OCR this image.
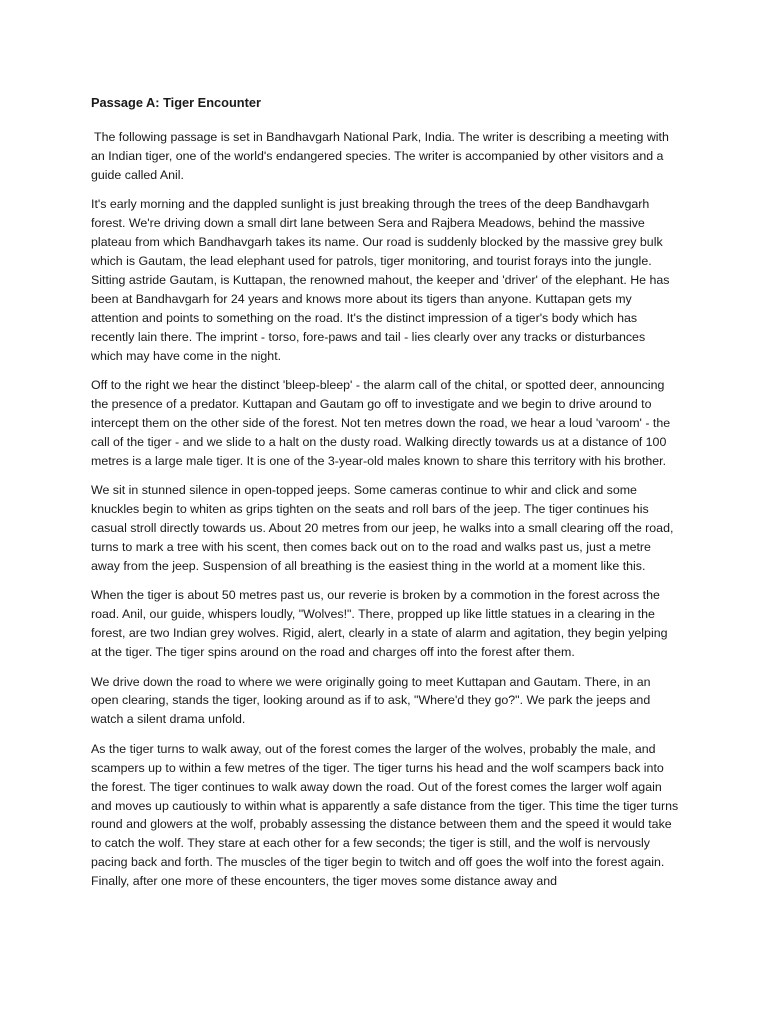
Passage A: Tiger Encounter

The following passage is set in Bandhavgarh National Park, India. The writer is describing a meeting with an Indian tiger, one of the world's endangered species. The writer is accompanied by other visitors and a guide called Anil.

It's early morning and the dappled sunlight is just breaking through the trees of the deep Bandhavgarh forest. We're driving down a small dirt lane between Sera and Rajbera Meadows, behind the massive plateau from which Bandhavgarh takes its name. Our road is suddenly blocked by the massive grey bulk which is Gautam, the lead elephant used for patrols, tiger monitoring, and tourist forays into the jungle. Sitting astride Gautam, is Kuttapan, the renowned mahout, the keeper and 'driver' of the elephant. He has been at Bandhavgarh for 24 years and knows more about its tigers than anyone. Kuttapan gets my attention and points to something on the road. It's the distinct impression of a tiger's body which has recently lain there. The imprint - torso, fore-paws and tail - lies clearly over any tracks or disturbances which may have come in the night.

Off to the right we hear the distinct 'bleep-bleep' - the alarm call of the chital, or spotted deer, announcing the presence of a predator. Kuttapan and Gautam go off to investigate and we begin to drive around to intercept them on the other side of the forest. Not ten metres down the road, we hear a loud 'varoom' - the call of the tiger - and we slide to a halt on the dusty road. Walking directly towards us at a distance of 100 metres is a large male tiger. It is one of the 3-year-old males known to share this territory with his brother.

We sit in stunned silence in open-topped jeeps. Some cameras continue to whir and click and some knuckles begin to whiten as grips tighten on the seats and roll bars of the jeep. The tiger continues his casual stroll directly towards us. About 20 metres from our jeep, he walks into a small clearing off the road, turns to mark a tree with his scent, then comes back out on to the road and walks past us, just a metre away from the jeep. Suspension of all breathing is the easiest thing in the world at a moment like this.

When the tiger is about 50 metres past us, our reverie is broken by a commotion in the forest across the road. Anil, our guide, whispers loudly, "Wolves!". There, propped up like little statues in a clearing in the forest, are two Indian grey wolves. Rigid, alert, clearly in a state of alarm and agitation, they begin yelping at the tiger. The tiger spins around on the road and charges off into the forest after them.

We drive down the road to where we were originally going to meet Kuttapan and Gautam. There, in an open clearing, stands the tiger, looking around as if to ask, "Where'd they go?". We park the jeeps and watch a silent drama unfold.

As the tiger turns to walk away, out of the forest comes the larger of the wolves, probably the male, and scampers up to within a few metres of the tiger. The tiger turns his head and the wolf scampers back into the forest. The tiger continues to walk away down the road. Out of the forest comes the larger wolf again and moves up cautiously to within what is apparently a safe distance from the tiger. This time the tiger turns round and glowers at the wolf, probably assessing the distance between them and the speed it would take to catch the wolf. They stare at each other for a few seconds; the tiger is still, and the wolf is nervously pacing back and forth. The muscles of the tiger begin to twitch and off goes the wolf into the forest again. Finally, after one more of these encounters, the tiger moves some distance away and
